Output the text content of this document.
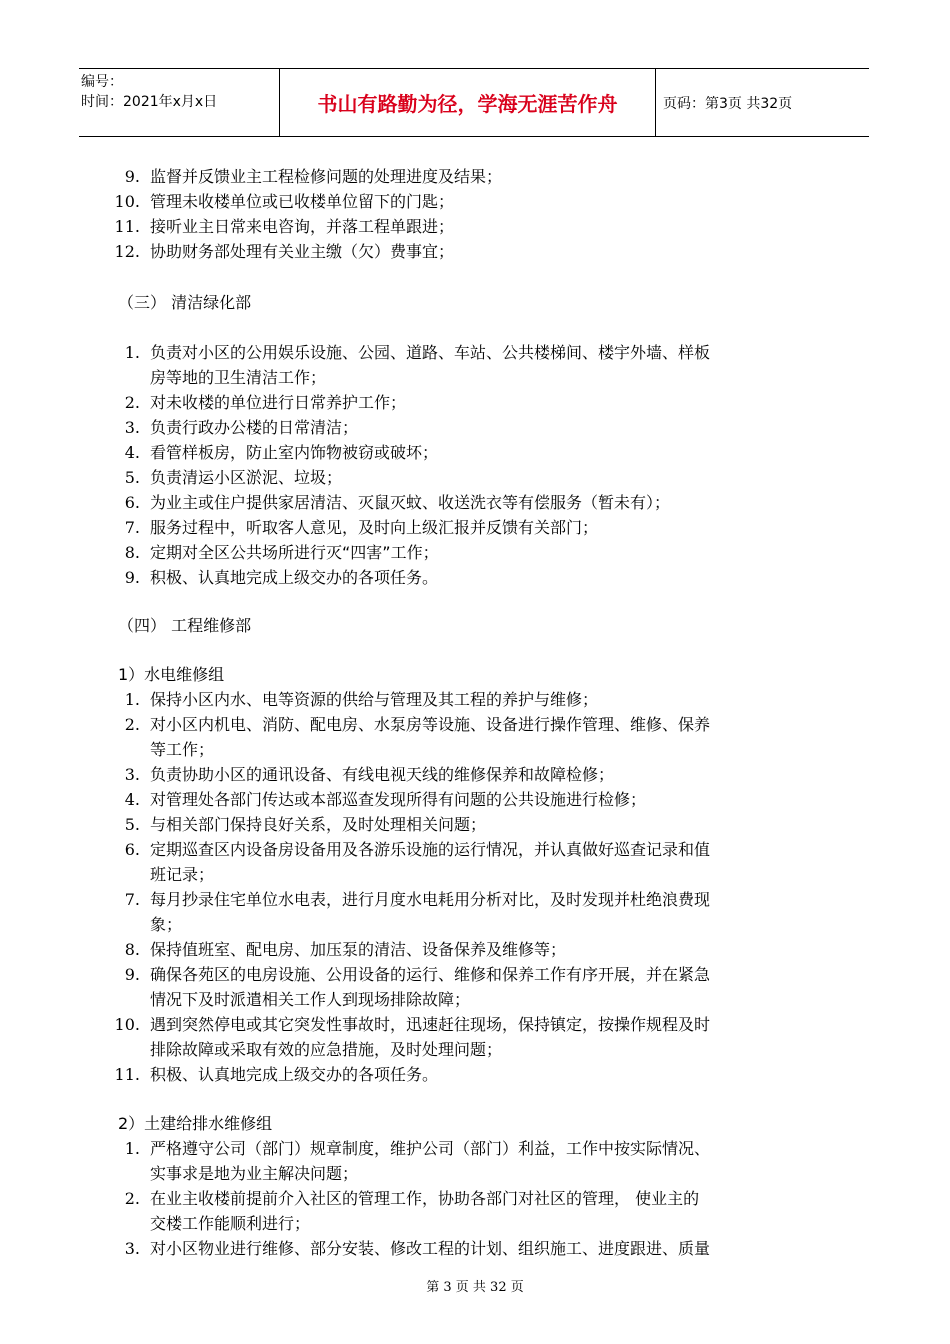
编号：
时间：2021年x月x日	书山有路勤为径，学海无涯苦作舟	页码：第3页 共32页
9. 监督并反馈业主工程检修问题的处理进度及结果；
10. 管理未收楼单位或已收楼单位留下的门匙；
11. 接听业主日常来电咨询，并落工程单跟进；
12. 协助财务部处理有关业主缴（欠）费事宜；
（三） 清洁绿化部
1. 负责对小区的公用娱乐设施、公园、道路、车站、公共楼梯间、楼宇外墙、样板
房等地的卫生清洁工作；
2. 对未收楼的单位进行日常养护工作；
3. 负责行政办公楼的日常清洁；
4. 看管样板房，防止室内饰物被窃或破坏；
5. 负责清运小区淤泥、垃圾；
6. 为业主或住户提供家居清洁、灭鼠灭蚊、收送洗衣等有偿服务（暂未有）；
7. 服务过程中，听取客人意见，及时向上级汇报并反馈有关部门；
8. 定期对全区公共场所进行灭“四害”工作；
9. 积极、认真地完成上级交办的各项任务。
（四） 工程维修部
1）水电维修组
1. 保持小区内水、电等资源的供给与管理及其工程的养护与维修；
2. 对小区内机电、消防、配电房、水泵房等设施、设备进行操作管理、维修、保养
等工作；
3. 负责协助小区的通讯设备、有线电视天线的维修保养和故障检修；
4. 对管理处各部门传达或本部巡查发现所得有问题的公共设施进行检修；
5. 与相关部门保持良好关系，及时处理相关问题；
6. 定期巡查区内设备房设备用及各游乐设施的运行情况，并认真做好巡查记录和值
班记录；
7. 每月抄录住宅单位水电表，进行月度水电耗用分析对比，及时发现并杜绝浪费现
象；
8. 保持值班室、配电房、加压泵的清洁、设备保养及维修等；
9. 确保各苑区的电房设施、公用设备的运行、维修和保养工作有序开展，并在紧急
情况下及时派遣相关工作人到现场排除故障；
10. 遇到突然停电或其它突发性事故时，迅速赶往现场，保持镇定，按操作规程及时
排除故障或采取有效的应急措施，及时处理问题；
11. 积极、认真地完成上级交办的各项任务。
2）土建给排水维修组
1. 严格遵守公司（部门）规章制度，维护公司（部门）利益，工作中按实际情况、
实事求是地为业主解决问题；
2. 在业主收楼前提前介入社区的管理工作，协助各部门对社区的管理， 使业主的
交楼工作能顺利进行；
3. 对小区物业进行维修、部分安装、修改工程的计划、组织施工、进度跟进、质量
第 3 页 共 32 页
